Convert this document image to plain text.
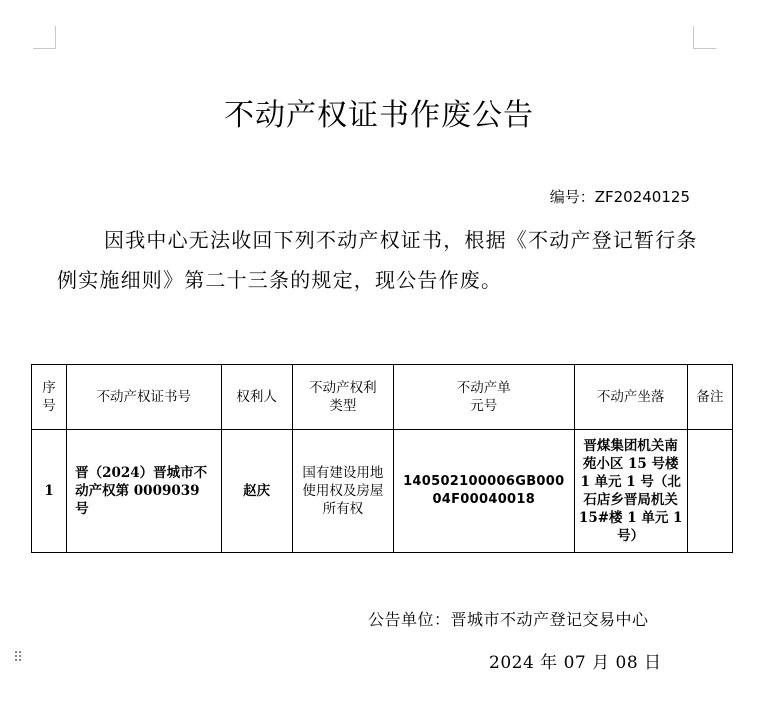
不动产权证书作废公告
编号：ZF20240125
因我中心无法收回下列不动产权证书，根据《不动产登记暂行条例实施细则》第二十三条的规定，现公告作废。
序号	不动产权证书号	权利人	不动产权利类型	不动产单元号	不动产坐落	备注
1	晋（2024）晋城市不动产权第 0009039 号	赵庆	国有建设用地使用权及房屋所有权	140502100006GB00004F00040018	晋煤集团机关南苑小区 15 号楼 1 单元 1 号（北石店乡晋局机关 15#楼 1 单元 1 号）	
公告单位：晋城市不动产登记交易中心
2024 年 07 月 08 日
⠿
